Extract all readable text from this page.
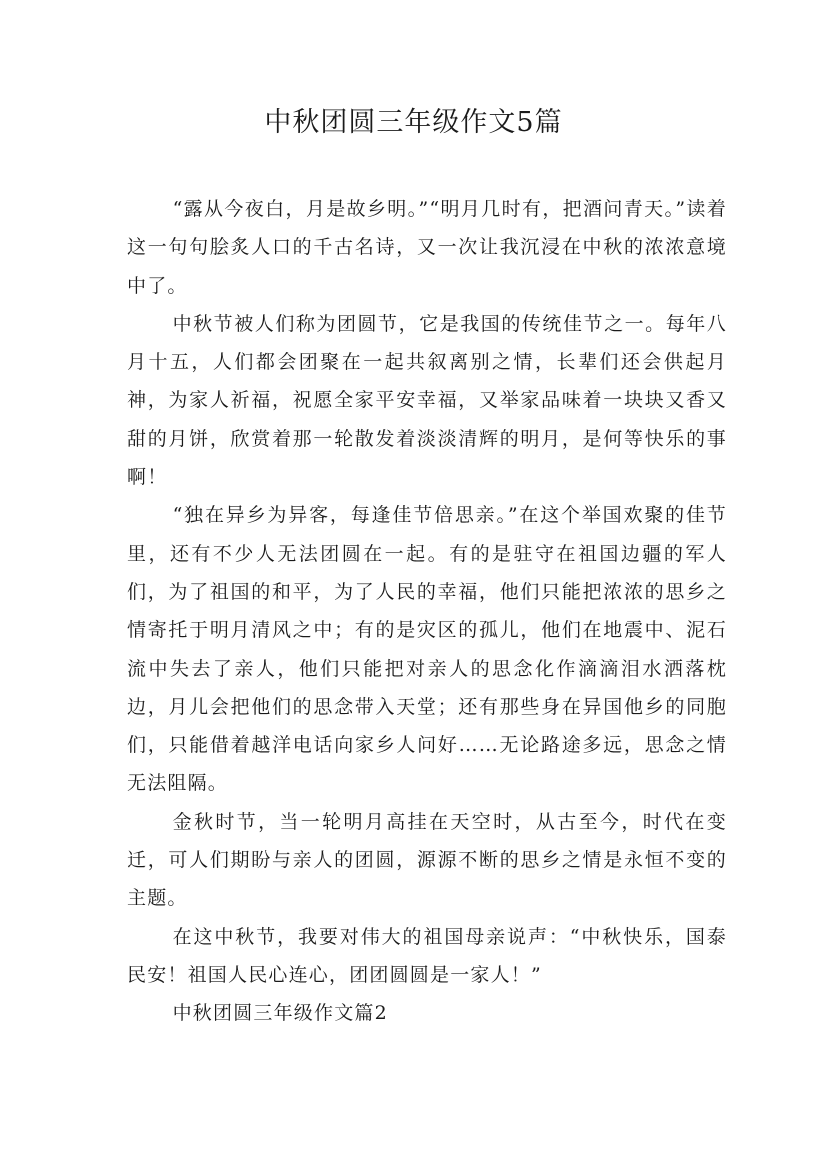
中秋团圆三年级作文5篇

“露从今夜白，月是故乡明。”“明月几时有，把酒问青天。”读着这一句句脍炙人口的千古名诗，又一次让我沉浸在中秋的浓浓意境中了。

中秋节被人们称为团圆节，它是我国的传统佳节之一。每年八月十五，人们都会团聚在一起共叙离别之情，长辈们还会供起月神，为家人祈福，祝愿全家平安幸福，又举家品味着一块块又香又甜的月饼，欣赏着那一轮散发着淡淡清辉的明月，是何等快乐的事啊！

“独在异乡为异客，每逢佳节倍思亲。”在这个举国欢聚的佳节里，还有不少人无法团圆在一起。有的是驻守在祖国边疆的军人们，为了祖国的和平，为了人民的幸福，他们只能把浓浓的思乡之情寄托于明月清风之中；有的是灾区的孤儿，他们在地震中、泥石流中失去了亲人，他们只能把对亲人的思念化作滴滴泪水洒落枕边，月儿会把他们的思念带入天堂；还有那些身在异国他乡的同胞们，只能借着越洋电话向家乡人问好……无论路途多远，思念之情无法阻隔。

金秋时节，当一轮明月高挂在天空时，从古至今，时代在变迁，可人们期盼与亲人的团圆，源源不断的思乡之情是永恒不变的主题。

在这中秋节，我要对伟大的祖国母亲说声：“中秋快乐，国泰民安！祖国人民心连心，团团圆圆是一家人！”

中秋团圆三年级作文篇2
